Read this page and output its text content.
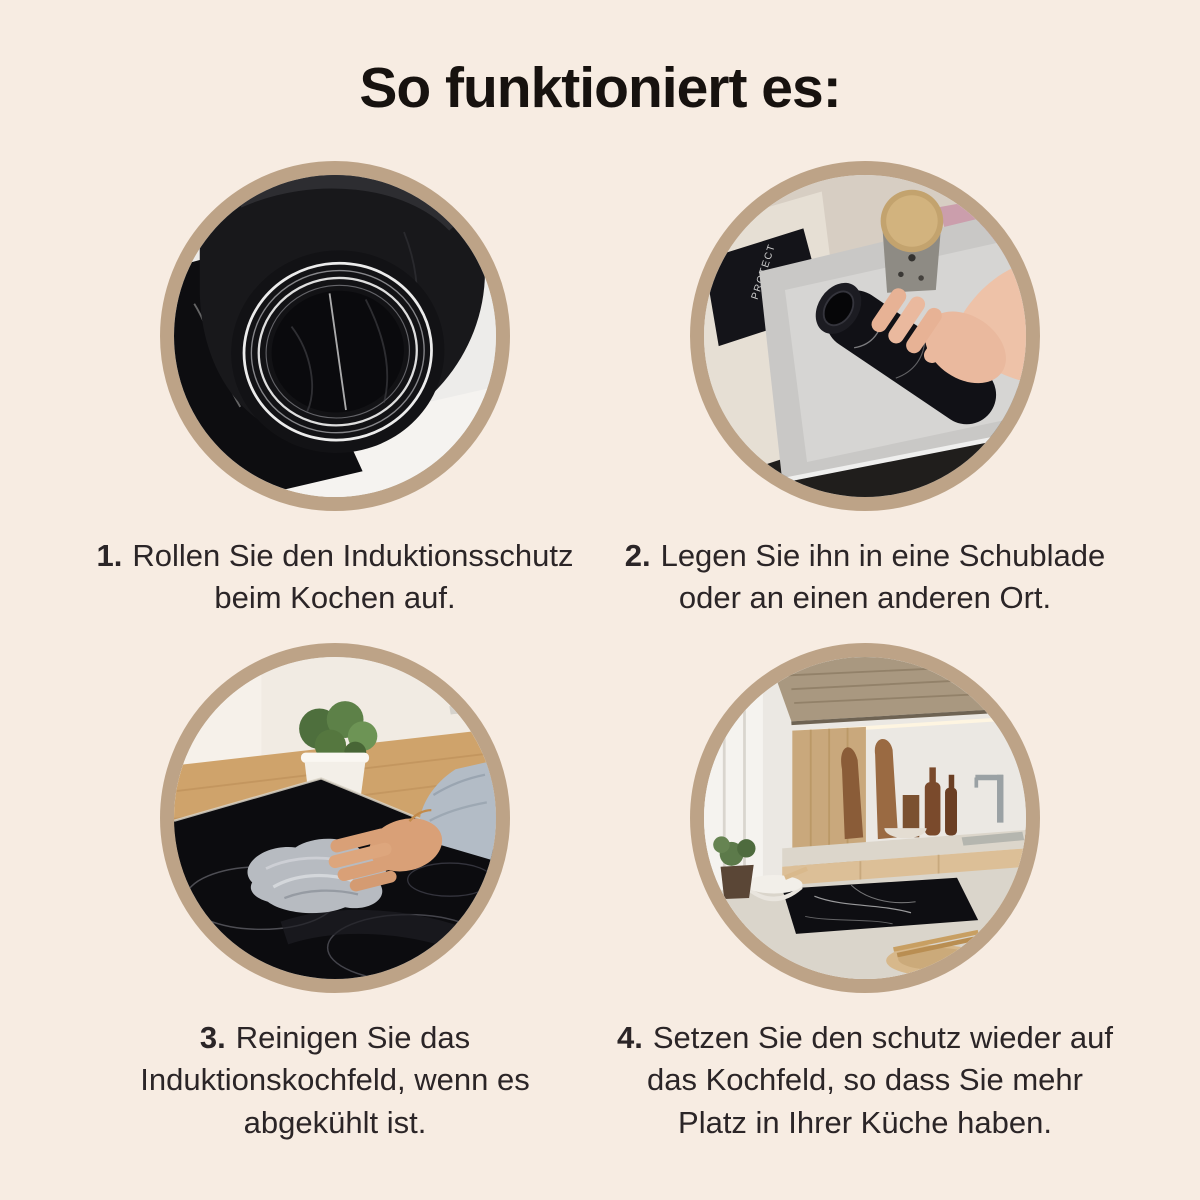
So funktioniert es:
1. Rollen Sie den Induktionsschutz
beim Kochen auf.
2. Legen Sie ihn in eine Schublade
oder an einen anderen Ort.
3. Reinigen Sie das
Induktionskochfeld, wenn es
abgekühlt ist.
4. Setzen Sie den schutz wieder auf
das Kochfeld, so dass Sie mehr
Platz in Ihrer Küche haben.
